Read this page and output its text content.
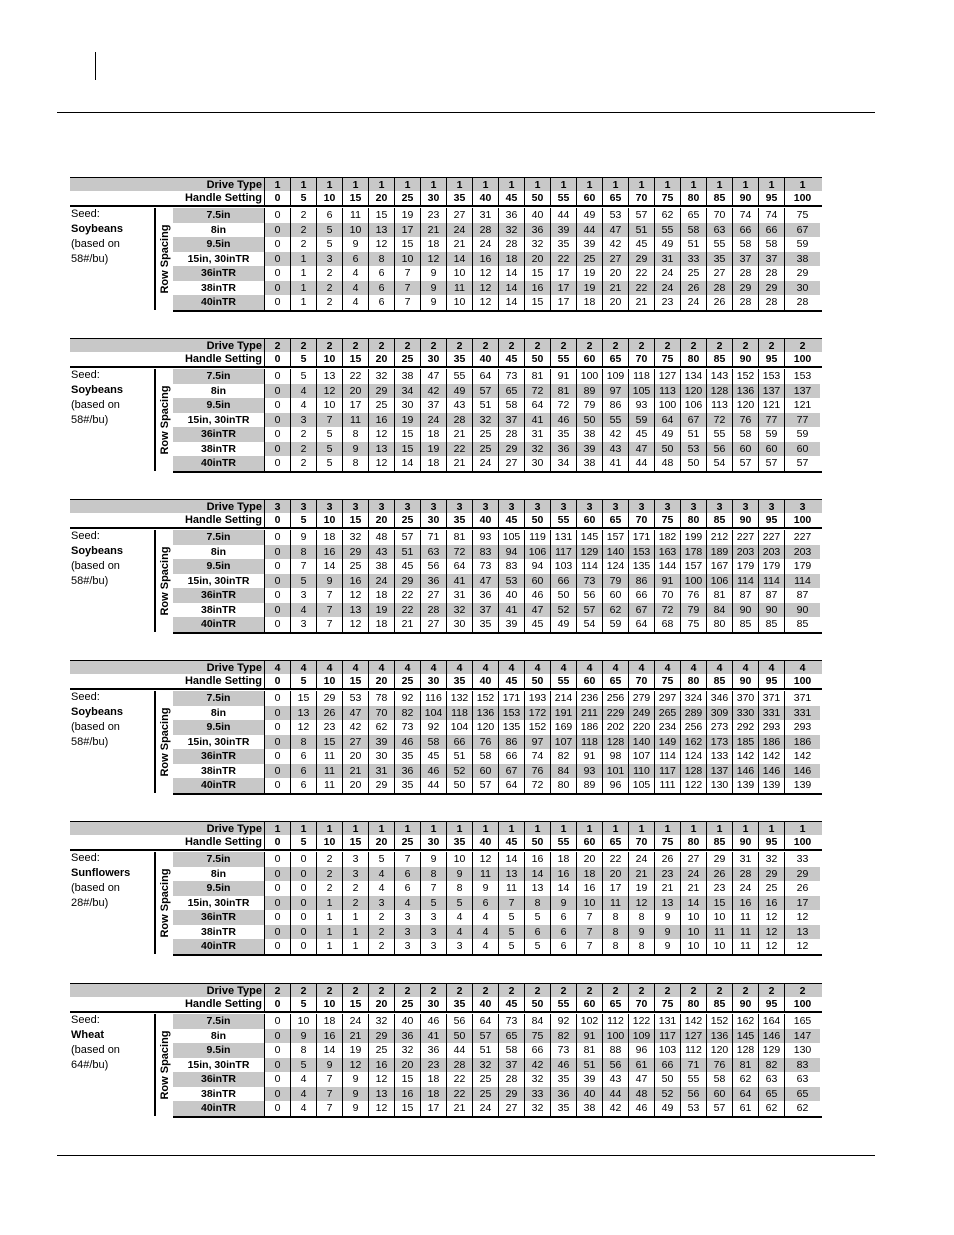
Drive Type	1	1	1	1	1	1	1	1	1	1	1	1	1	1	1	1	1	1	1	1	1
Handle Setting	0	5	10	15	20	25	30	35	40	45	50	55	60	65	70	75	80	85	90	95	100
Seed:
Soybeans
(based on
58#/bu)	Row Spacing
7.5in	0	2	6	11	15	19	23	27	31	36	40	44	49	53	57	62	65	70	74	74	75
8in	0	2	5	10	13	17	21	24	28	32	36	39	44	47	51	55	58	63	66	66	67
9.5in	0	2	5	9	12	15	18	21	24	28	32	35	39	42	45	49	51	55	58	58	59
15in, 30inTR	0	1	3	6	8	10	12	14	16	18	20	22	25	27	29	31	33	35	37	37	38
36inTR	0	1	2	4	6	7	9	10	12	14	15	17	19	20	22	24	25	27	28	28	29
38inTR	0	1	2	4	6	7	9	11	12	14	16	17	19	21	22	24	26	28	29	29	30
40inTR	0	1	2	4	6	7	9	10	12	14	15	17	18	20	21	23	24	26	28	28	28
Drive Type	2	2	2	2	2	2	2	2	2	2	2	2	2	2	2	2	2	2	2	2	2
Handle Setting	0	5	10	15	20	25	30	35	40	45	50	55	60	65	70	75	80	85	90	95	100
Seed:
Soybeans
(based on
58#/bu)	Row Spacing
7.5in	0	5	13	22	32	38	47	55	64	73	81	91	100 109 118 127 134 143 152 153	153
8in	0	4	12	20	29	34	42	49	57	65	72	81	89	97	105 113 120 128 136 137	137
9.5in	0	4	10	17	25	30	37	43	51	58	64	72	79	86	93	100 106 113 120 121	121
15in, 30inTR	0	3	7	11	16	19	24	28	32	37	41	46	50	55	59	64	67	72	76	77	77
36inTR	0	2	5	8	12	15	18	21	25	28	31	35	38	42	45	49	51	55	58	59	59
38inTR	0	2	5	9	13	15	19	22	25	29	32	36	39	43	47	50	53	56	60	60	60
40inTR	0	2	5	8	12	14	18	21	24	27	30	34	38	41	44	48	50	54	57	57	57
Drive Type	3	3	3	3	3	3	3	3	3	3	3	3	3	3	3	3	3	3	3	3	3
Handle Setting	0	5	10	15	20	25	30	35	40	45	50	55	60	65	70	75	80	85	90	95	100
Seed:
Soybeans
(based on
58#/bu)	Row Spacing
7.5in	0	9	18	32	48	57	71	81	93	105 119 131 145 157 171 182 199 212 227 227	227
8in	0	8	16	29	43	51	63	72	83	94	106 117 129 140 153 163 178 189 203 203	203
9.5in	0	7	14	25	38	45	56	64	73	83	94	103 114 124 135 144 157 167 179 179	179
15in, 30inTR	0	5	9	16	24	29	36	41	47	53	60	66	73	79	86	91	100 106 114 114	114
36inTR	0	3	7	12	18	22	27	31	36	40	46	50	56	60	66	70	76	81	87	87	87
38inTR	0	4	7	13	19	22	28	32	37	41	47	52	57	62	67	72	79	84	90	90	90
40inTR	0	3	7	12	18	21	27	30	35	39	45	49	54	59	64	68	75	80	85	85	85
Drive Type	4	4	4	4	4	4	4	4	4	4	4	4	4	4	4	4	4	4	4	4	4
Handle Setting	0	5	10	15	20	25	30	35	40	45	50	55	60	65	70	75	80	85	90	95	100
Seed:
Soybeans
(based on
58#/bu)	Row Spacing
7.5in	0	15	29	53	78	92	116 132 152 171 193 214 236 256 279 297 324 346 370 371	371
8in	0	13	26	47	70	82	104 118 136 153 172 191 211 229 249 265 289 309 330 331	331
9.5in	0	12	23	42	62	73	92	104 120 135 152 169 186 202 220 234 256 273 292 293	293
15in, 30inTR	0	8	15	27	39	46	58	66	76	86	97	107 118 128 140 149 162 173 185 186	186
36inTR	0	6	11	20	30	35	45	51	58	66	74	82	91	98	107 114 124 133 142 142	142
38inTR	0	6	11	21	31	36	46	52	60	67	76	84	93	101 110 117 128 137 146 146	146
40inTR	0	6	11	20	29	35	44	50	57	64	72	80	89	96	105 111 122 130 139 139	139
Drive Type	1	1	1	1	1	1	1	1	1	1	1	1	1	1	1	1	1	1	1	1	1
Handle Setting	0	5	10	15	20	25	30	35	40	45	50	55	60	65	70	75	80	85	90	95	100
Seed:
Sunflowers
(based on
28#/bu)	Row Spacing
7.5in	0	0	2	3	5	7	9	10	12	14	16	18	20	22	24	26	27	29	31	32	33
8in	0	0	2	3	4	6	8	9	11	13	14	16	18	20	21	23	24	26	28	29	29
9.5in	0	0	2	2	4	6	7	8	9	11	13	14	16	17	19	21	21	23	24	25	26
15in, 30inTR	0	0	1	2	3	4	5	5	6	7	8	9	10	11	12	13	14	15	16	16	17
36inTR	0	0	1	1	2	3	3	4	4	5	5	6	7	8	8	9	10	10	11	12	12
38inTR	0	0	1	1	2	3	3	4	4	5	6	6	7	8	9	9	10	11	11	12	13
40inTR	0	0	1	1	2	3	3	3	4	5	5	6	7	8	8	9	10	10	11	12	12
Drive Type	2	2	2	2	2	2	2	2	2	2	2	2	2	2	2	2	2	2	2	2	2
Handle Setting	0	5	10	15	20	25	30	35	40	45	50	55	60	65	70	75	80	85	90	95	100
Seed:
Wheat
(based on
64#/bu)	Row Spacing
7.5in	0	10	18	24	32	40	46	56	64	73	84	92	102 112 122 131 142 152 162 164	165
8in	0	9	16	21	29	36	41	50	57	65	75	82	91	100 109 117 127 136 145 146	147
9.5in	0	8	14	19	25	32	36	44	51	58	66	73	81	88	96	103 112 120 128 129	130
15in, 30inTR	0	5	9	12	16	20	23	28	32	37	42	46	51	56	61	66	71	76	81	82	83
36inTR	0	4	7	9	12	15	18	22	25	28	32	35	39	43	47	50	55	58	62	63	63
38inTR	0	4	7	9	13	16	18	22	25	29	33	36	40	44	48	52	56	60	64	65	65
40inTR	0	4	7	9	12	15	17	21	24	27	32	35	38	42	46	49	53	57	61	62	62
